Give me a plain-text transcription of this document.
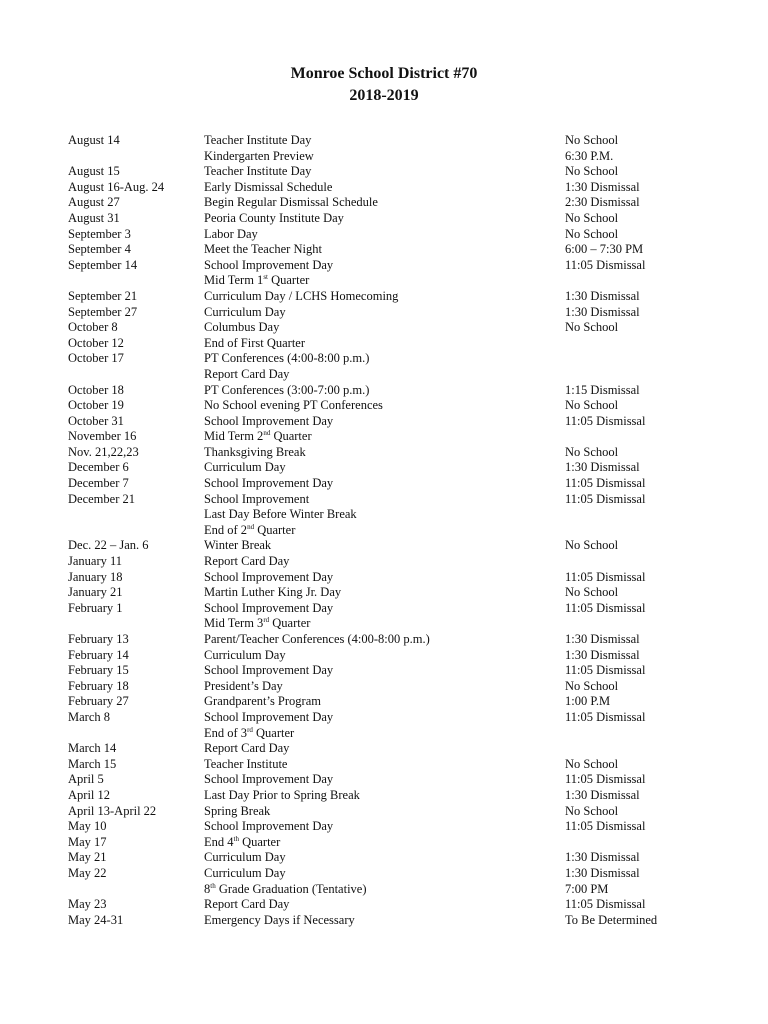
Monroe School District #70
2018-2019
August 14	Teacher Institute Day	No School
Kindergarten Preview	6:30 P.M.
August 15	Teacher Institute Day	No School
August 16-Aug. 24	Early Dismissal Schedule	1:30 Dismissal
August 27	Begin Regular Dismissal Schedule	2:30 Dismissal
August 31	Peoria County Institute Day	No School
September 3	Labor Day	No School
September 4	Meet the Teacher Night	6:00 – 7:30 PM
September 14	School Improvement Day	11:05 Dismissal
Mid Term 1st Quarter
September 21	Curriculum Day / LCHS Homecoming	1:30 Dismissal
September 27	Curriculum Day	1:30 Dismissal
October 8	Columbus Day	No School
October 12	End of First Quarter
October 17	PT Conferences (4:00-8:00 p.m.)
Report Card Day
October 18	PT Conferences (3:00-7:00 p.m.)	1:15 Dismissal
October 19	No School evening PT Conferences	No School
October 31	School Improvement Day	11:05 Dismissal
November 16	Mid Term 2nd Quarter
Nov. 21,22,23	Thanksgiving Break	No School
December 6	Curriculum Day	1:30 Dismissal
December 7	School Improvement Day	11:05 Dismissal
December 21	School Improvement	11:05 Dismissal
Last Day Before Winter Break
End of 2nd Quarter
Dec. 22 – Jan. 6	Winter Break	No School
January 11	Report Card Day
January 18	School Improvement Day	11:05 Dismissal
January 21	Martin Luther King Jr. Day	No School
February 1	School Improvement Day	11:05 Dismissal
Mid Term 3rd Quarter
February 13	Parent/Teacher Conferences (4:00-8:00 p.m.)	1:30 Dismissal
February 14	Curriculum Day	1:30 Dismissal
February 15	School Improvement Day	11:05 Dismissal
February 18	President’s Day	No School
February 27	Grandparent’s Program	1:00 P.M
March 8	School Improvement Day	11:05 Dismissal
End of 3rd Quarter
March 14	Report Card Day
March 15	Teacher Institute	No School
April 5	School Improvement Day	11:05 Dismissal
April 12	Last Day Prior to Spring Break	1:30 Dismissal
April 13-April 22	Spring Break	No School
May 10	School Improvement Day	11:05 Dismissal
May 17	End 4th Quarter
May 21	Curriculum Day	1:30 Dismissal
May 22	Curriculum Day	1:30 Dismissal
8th Grade Graduation (Tentative)	7:00 PM
May 23	Report Card Day	11:05 Dismissal
May 24-31	Emergency Days if Necessary	To Be Determined
